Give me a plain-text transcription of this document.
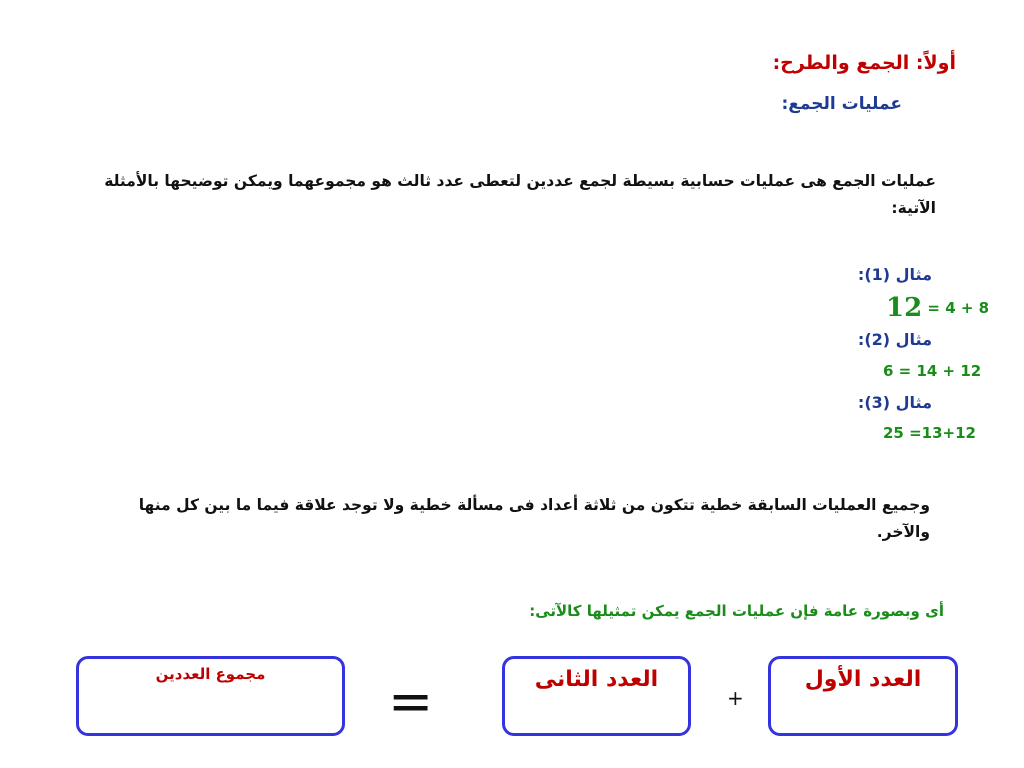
أولاً: الجمع والطرح:
عمليات الجمع:
عمليات الجمع هى عمليات حسابية بسيطة لجمع عددين لتعطى عدد ثالث هو مجموعهما ويمكن توضيحها بالأمثلة
الآتية:
مثال (1):
12 = 4 + 8
مثال (2):
6 = 14 + 12
مثال (3):
25 =13+12
وجميع العمليات السابقة خطية تتكون من ثلاثة أعداد فى مسألة خطية ولا توجد علاقة فيما ما بين كل منها والآخر.
أى وبصورة عامة فإن عمليات الجمع يمكن تمثيلها كالآتى:
العدد الأول
+
العدد الثانى
=
مجموع العددين
